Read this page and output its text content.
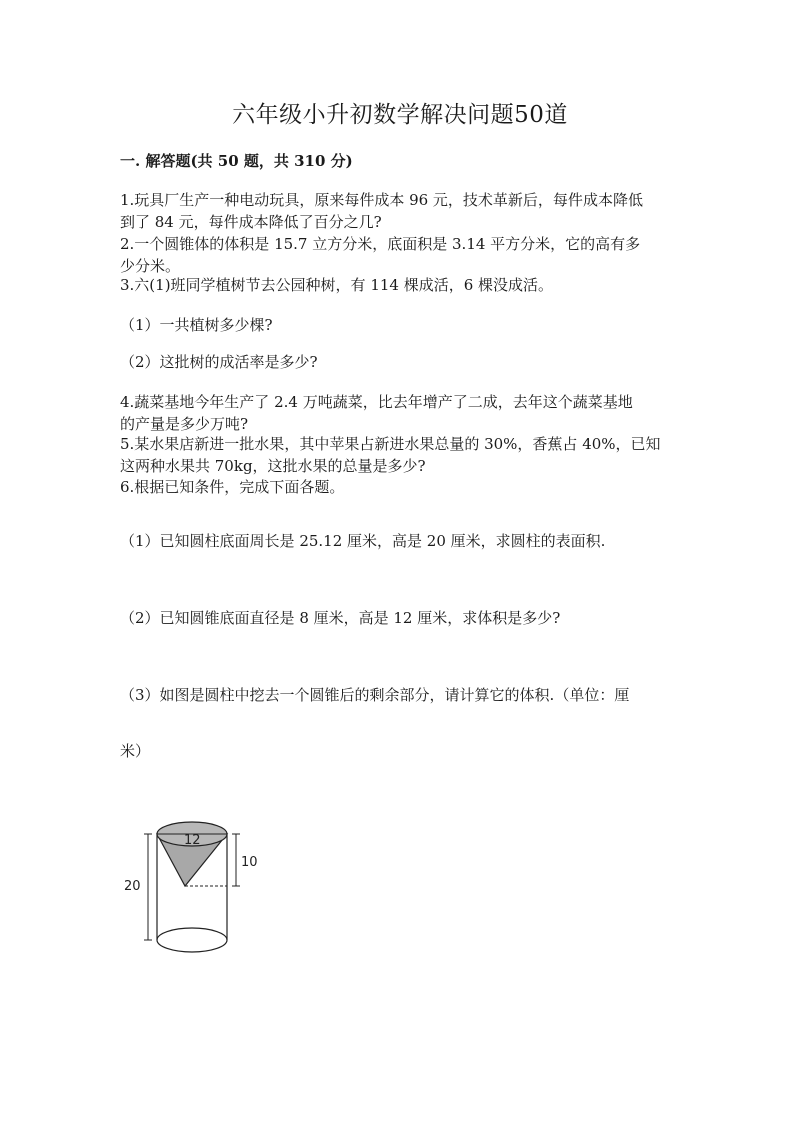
六年级小升初数学解决问题50道
一. 解答题(共 50 题，共 310 分)

1.玩具厂生产一种电动玩具，原来每件成本 96 元，技术革新后，每件成本降低

到了 84 元，每件成本降低了百分之几?

2.一个圆锥体的体积是 15.7 立方分米，底面积是 3.14 平方分米，它的高有多

少分米。

3.六(1)班同学植树节去公园种树，有 114 棵成活，6 棵没成活。
（1）一共植树多少棵?
（2）这批树的成活率是多少?

4.蔬菜基地今年生产了 2.4 万吨蔬菜，比去年增产了二成，去年这个蔬菜基地

的产量是多少万吨?

5.某水果店新进一批水果，其中苹果占新进水果总量的 30%，香蕉占 40%，已知

这两种水果共 70kg，这批水果的总量是多少?

6.根据已知条件，完成下面各题。
（1）已知圆柱底面周长是 25.12 厘米，高是 20 厘米，求圆柱的表面积.
（2）已知圆锥底面直径是 8 厘米，高是 12 厘米，求体积是多少?
（3）如图是圆柱中挖去一个圆锥后的剩余部分，请计算它的体积.（单位：厘
米）
12
10
20
